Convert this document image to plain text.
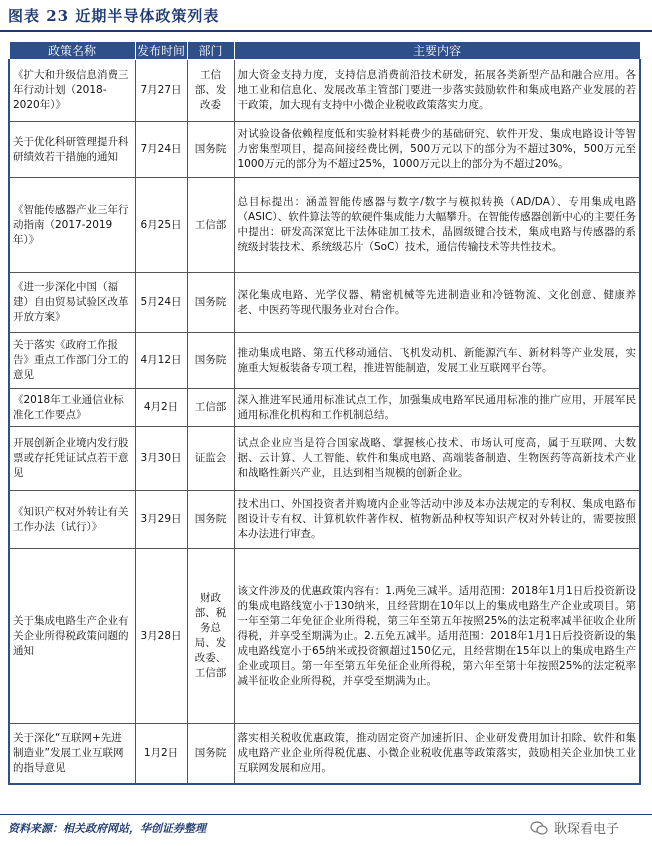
图表 23 近期半导体政策列表
政策名称	发布时间	部门	主要内容
《扩大和升级信息消费三年行动计划（2018-2020年）》	7月27日	工信部、发改委	加大资金支持力度，支持信息消费前沿技术研发，拓展各类新型产品和融合应用。各地工业和信息化、发展改革主管部门要进一步落实鼓励软件和集成电路产业发展的若干政策，加大现有支持中小微企业税收政策落实力度。
关于优化科研管理提升科研绩效若干措施的通知	7月24日	国务院	对试验设备依赖程度低和实验材料耗费少的基础研究、软件开发、集成电路设计等智力密集型项目，提高间接经费比例，500万元以下的部分为不超过30%，500万元至1000万元的部分为不超过25%，1000万元以上的部分为不超过20%。
《智能传感器产业三年行动指南（2017-2019年）》	6月25日	工信部	总目标提出：涵盖智能传感器与数字/数字与模拟转换（AD/DA）、专用集成电路（ASIC）、软件算法等的软硬件集成能力大幅攀升。在智能传感器创新中心的主要任务中提出：研发高深宽比干法体硅加工技术，晶圆级键合技术，集成电路与传感器的系统级封装技术、系统级芯片（SoC）技术，通信传输技术等共性技术。
《进一步深化中国（福建）自由贸易试验区改革开放方案》	5月24日	国务院	深化集成电路、光学仪器、精密机械等先进制造业和冷链物流、文化创意、健康养老、中医药等现代服务业对台合作。
关于落实《政府工作报告》重点工作部门分工的意见	4月12日	国务院	推动集成电路、第五代移动通信、飞机发动机、新能源汽车、新材料等产业发展，实施重大短板装备专项工程，推进智能制造，发展工业互联网平台等。
《2018年工业通信业标准化工作要点》	4月2日	工信部	深入推进军民通用标准试点工作，加强集成电路军民通用标准的推广应用，开展军民通用标准化机构和工作机制总结。
开展创新企业境内发行股票或存托凭证试点若干意见	3月30日	证监会	试点企业应当是符合国家战略、掌握核心技术、市场认可度高，属于互联网、大数据、云计算、人工智能、软件和集成电路、高端装备制造、生物医药等高新技术产业和战略性新兴产业，且达到相当规模的创新企业。
《知识产权对外转让有关工作办法（试行）》	3月29日	国务院	技术出口、外国投资者并购境内企业等活动中涉及本办法规定的专利权、集成电路布图设计专有权、计算机软件著作权、植物新品种权等知识产权对外转让的，需要按照本办法进行审查。
关于集成电路生产企业有关企业所得税政策问题的通知	3月28日	财政部、税务总局、发改委、工信部	该文件涉及的优惠政策内容有：1.两免三减半。适用范围：2018年1月1日后投资新设的集成电路线宽小于130纳米，且经营期在10年以上的集成电路生产企业或项目。第一年至第二年免征企业所得税，第三年至第五年按照25%的法定税率减半征收企业所得税，并享受至期满为止。2.五免五减半。适用范围：2018年1月1日后投资新设的集成电路线宽小于65纳米或投资额超过150亿元，且经营期在15年以上的集成电路生产企业或项目。第一年至第五年免征企业所得税，第六年至第十年按照25%的法定税率减半征收企业所得税，并享受至期满为止。
关于深化“互联网+先进制造业”发展工业互联网的指导意见	1月2日	国务院	落实相关税收优惠政策，推动固定资产加速折旧、企业研发费用加计扣除、软件和集成电路产业企业所得税优惠、小微企业税收优惠等政策落实，鼓励相关企业加快工业互联网发展和应用。
资料来源：相关政府网站，华创证券整理	耿琛看电子
